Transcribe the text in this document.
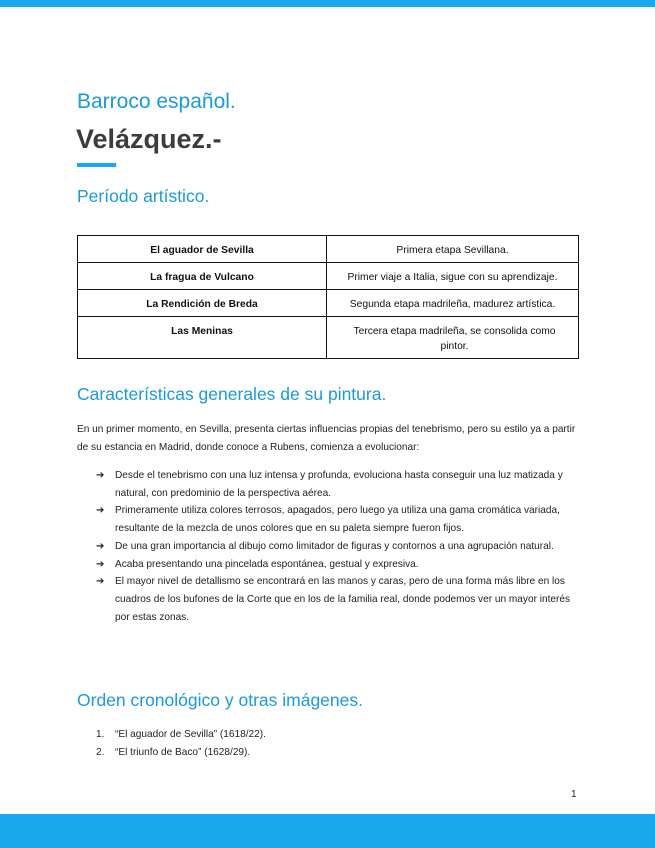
Barroco español.
Velázquez.-
Período artístico.
El aguador de Sevilla	Primera etapa Sevillana.
La fragua de Vulcano	Primer viaje a Italia, sigue con su aprendizaje.
La Rendición de Breda	Segunda etapa madrileña, madurez artística.
Las Meninas	Tercera etapa madrileña, se consolida como pintor.
Características generales de su pintura.
En un primer momento, en Sevilla, presenta ciertas influencias propias del tenebrismo, pero su estilo ya a partir de su estancia en Madrid, donde conoce a Rubens, comienza a evolucionar:
➔ Desde el tenebrismo con una luz intensa y profunda, evoluciona hasta conseguir una luz matizada y natural, con predominio de la perspectiva aérea.
➔ Primeramente utiliza colores terrosos, apagados, pero luego ya utiliza una gama cromática variada, resultante de la mezcla de unos colores que en su paleta siempre fueron fijos.
➔ De una gran importancia al dibujo como limitador de figuras y contornos a una agrupación natural.
➔ Acaba presentando una pincelada espontánea, gestual y expresiva.
➔ El mayor nivel de detallismo se encontrará en las manos y caras, pero de una forma más libre en los cuadros de los bufones de la Corte que en los de la familia real, donde podemos ver un mayor interés por estas zonas.
Orden cronológico y otras imágenes.
1. “El aguador de Sevilla” (1618/22).
2. “El triunfo de Baco” (1628/29).
1
